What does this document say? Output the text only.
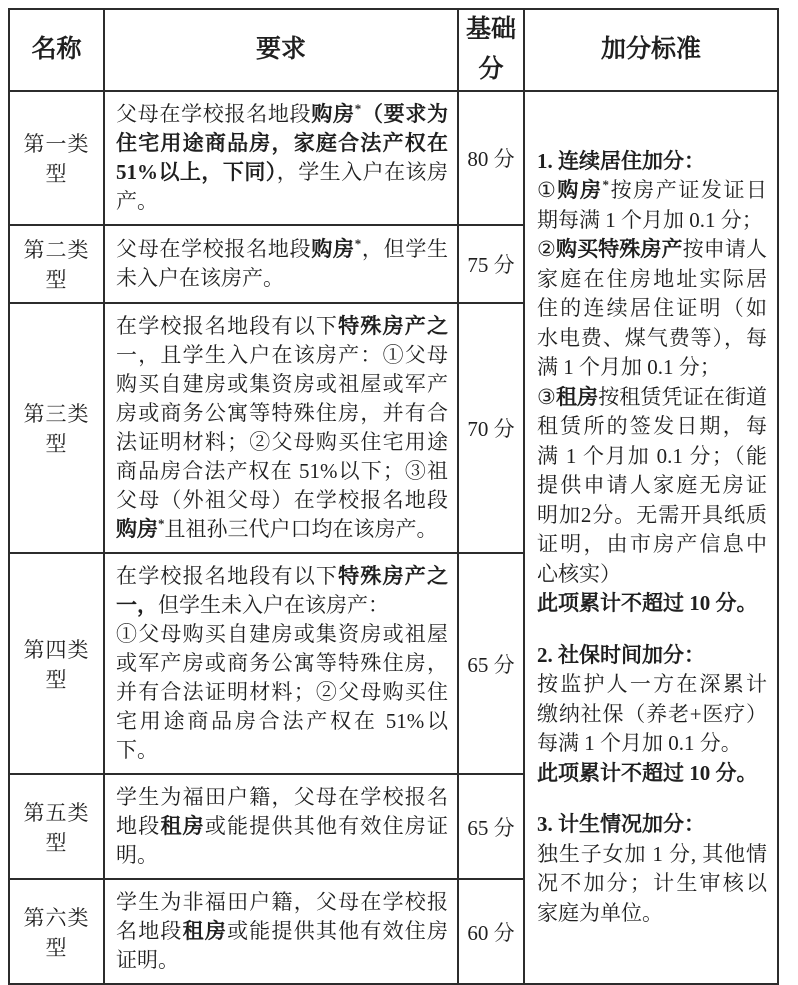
名称	要求	基础分	加分标准
第一类型	父母在学校报名地段购房*（要求为住宅用途商品房，家庭合法产权在 51%以上，下同），学生入户在该房产。	80 分	1. 连续居住加分：
①购房*按房产证发证日期每满 1 个月加 0.1 分；
②购买特殊房产按申请人家庭在住房地址实际居住的连续居住证明（如水电费、煤气费等），每满 1 个月加 0.1 分；
③租房按租赁凭证在街道租赁所的签发日期，每满 1 个月加 0.1 分；（能提供申请人家庭无房证明加2分。无需开具纸质证明，由市房产信息中心核实）
此项累计不超过 10 分。
2. 社保时间加分：
按监护人一方在深累计缴纳社保（养老+医疗）每满 1 个月加 0.1 分。
此项累计不超过 10 分。
3. 计生情况加分：
独生子女加 1 分, 其他情况不加分；计生审核以家庭为单位。

第二类型	父母在学校报名地段购房*，但学生未入户在该房产。	75 分	
第三类型	在学校报名地段有以下特殊房产之一，且学生入户在该房产：①父母购买自建房或集资房或祖屋或军产房或商务公寓等特殊住房，并有合法证明材料；②父母购买住宅用途商品房合法产权在 51%以下；③祖父母（外祖父母）在学校报名地段购房*且祖孙三代户口均在该房产。	70 分	
第四类型	在学校报名地段有以下特殊房产之一，但学生未入户在该房产：
①父母购买自建房或集资房或祖屋或军产房或商务公寓等特殊住房，并有合法证明材料；②父母购买住宅用途商品房合法产权在 51%以下。	65 分	
第五类型	学生为福田户籍，父母在学校报名地段租房或能提供其他有效住房证明。	65 分	
第六类型	学生为非福田户籍，父母在学校报名地段租房或能提供其他有效住房证明。	60 分	
